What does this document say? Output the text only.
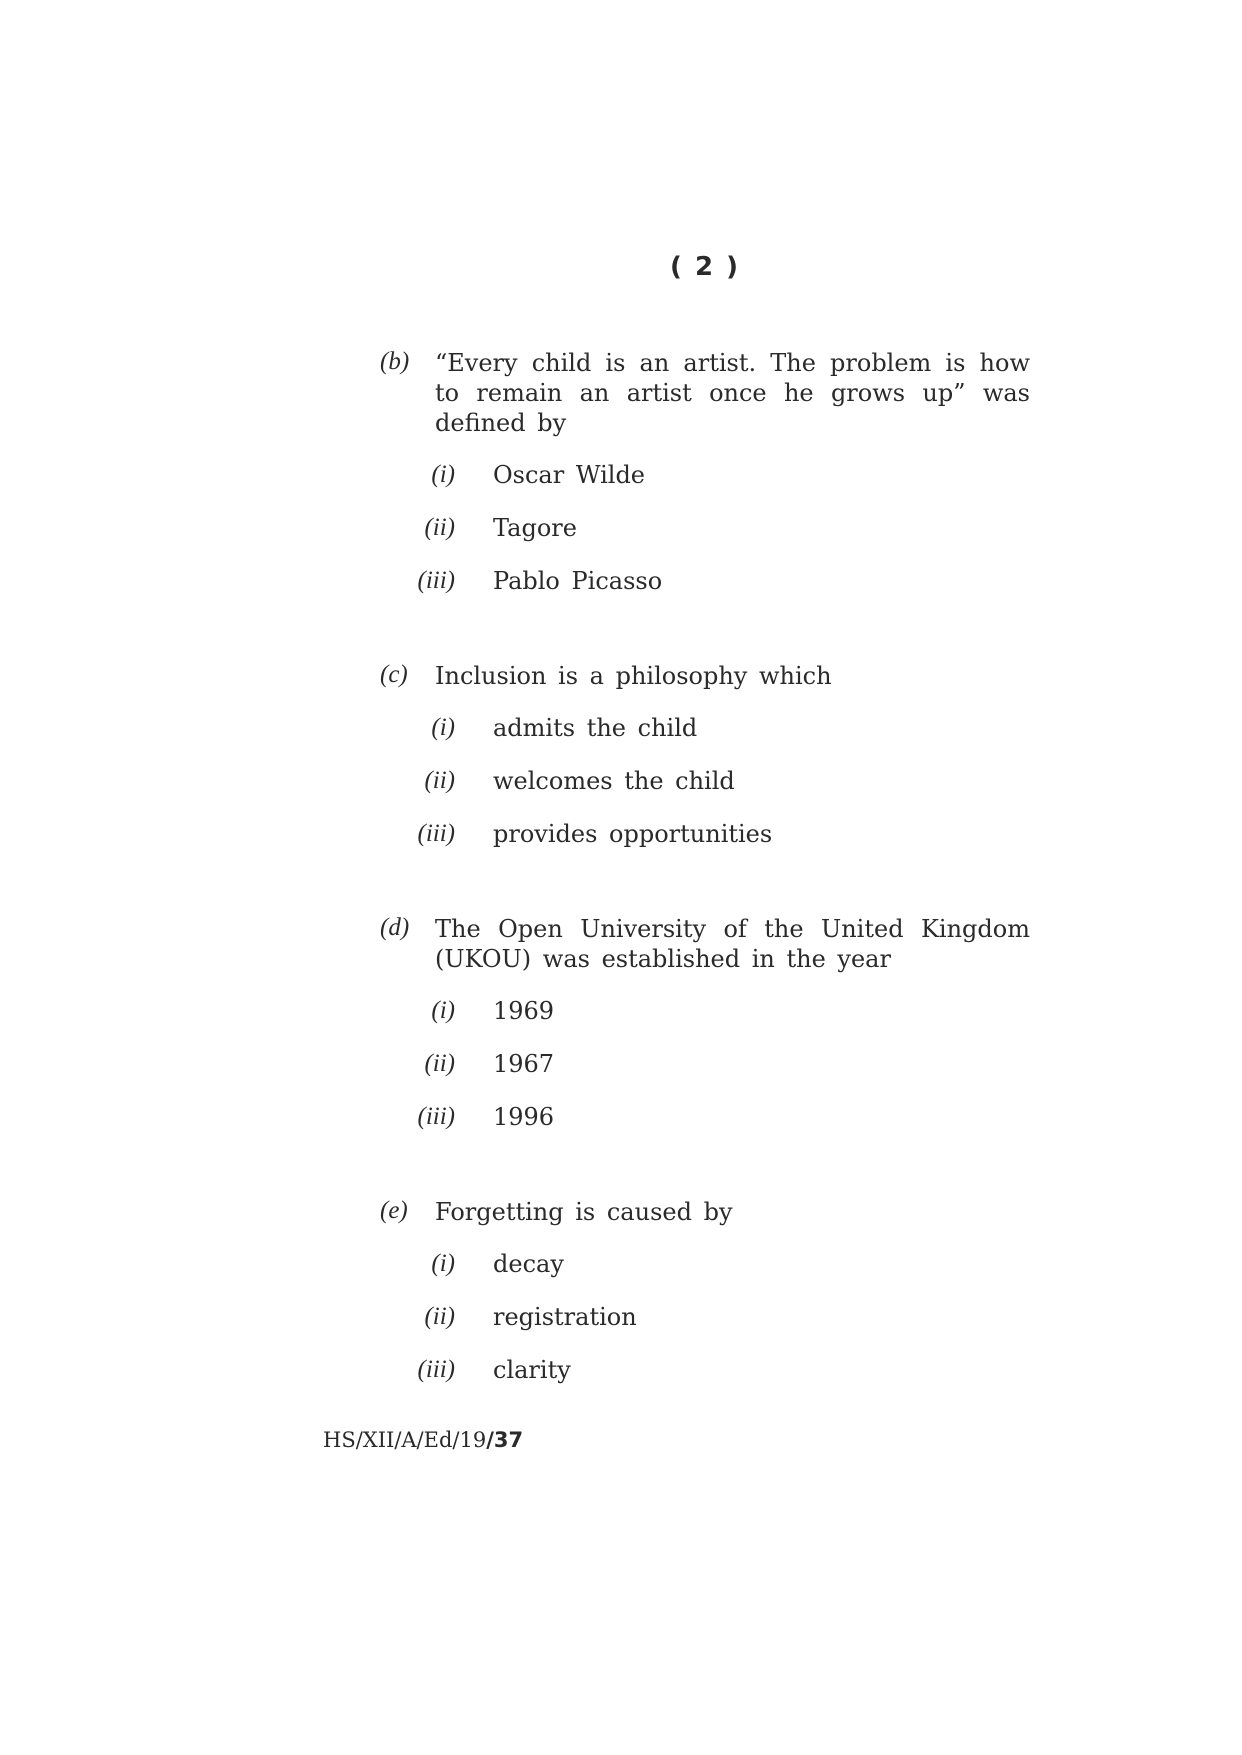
( 2 )
(b) “Every child is an artist. The problem is how to remain an artist once he grows up” was defined by
(i) Oscar Wilde
(ii) Tagore
(iii) Pablo Picasso
(c) Inclusion is a philosophy which
(i) admits the child
(ii) welcomes the child
(iii) provides opportunities
(d) The Open University of the United Kingdom (UKOU) was established in the year
(i) 1969
(ii) 1967
(iii) 1996
(e) Forgetting is caused by
(i) decay
(ii) registration
(iii) clarity
HS/XII/A/Ed/19/37
